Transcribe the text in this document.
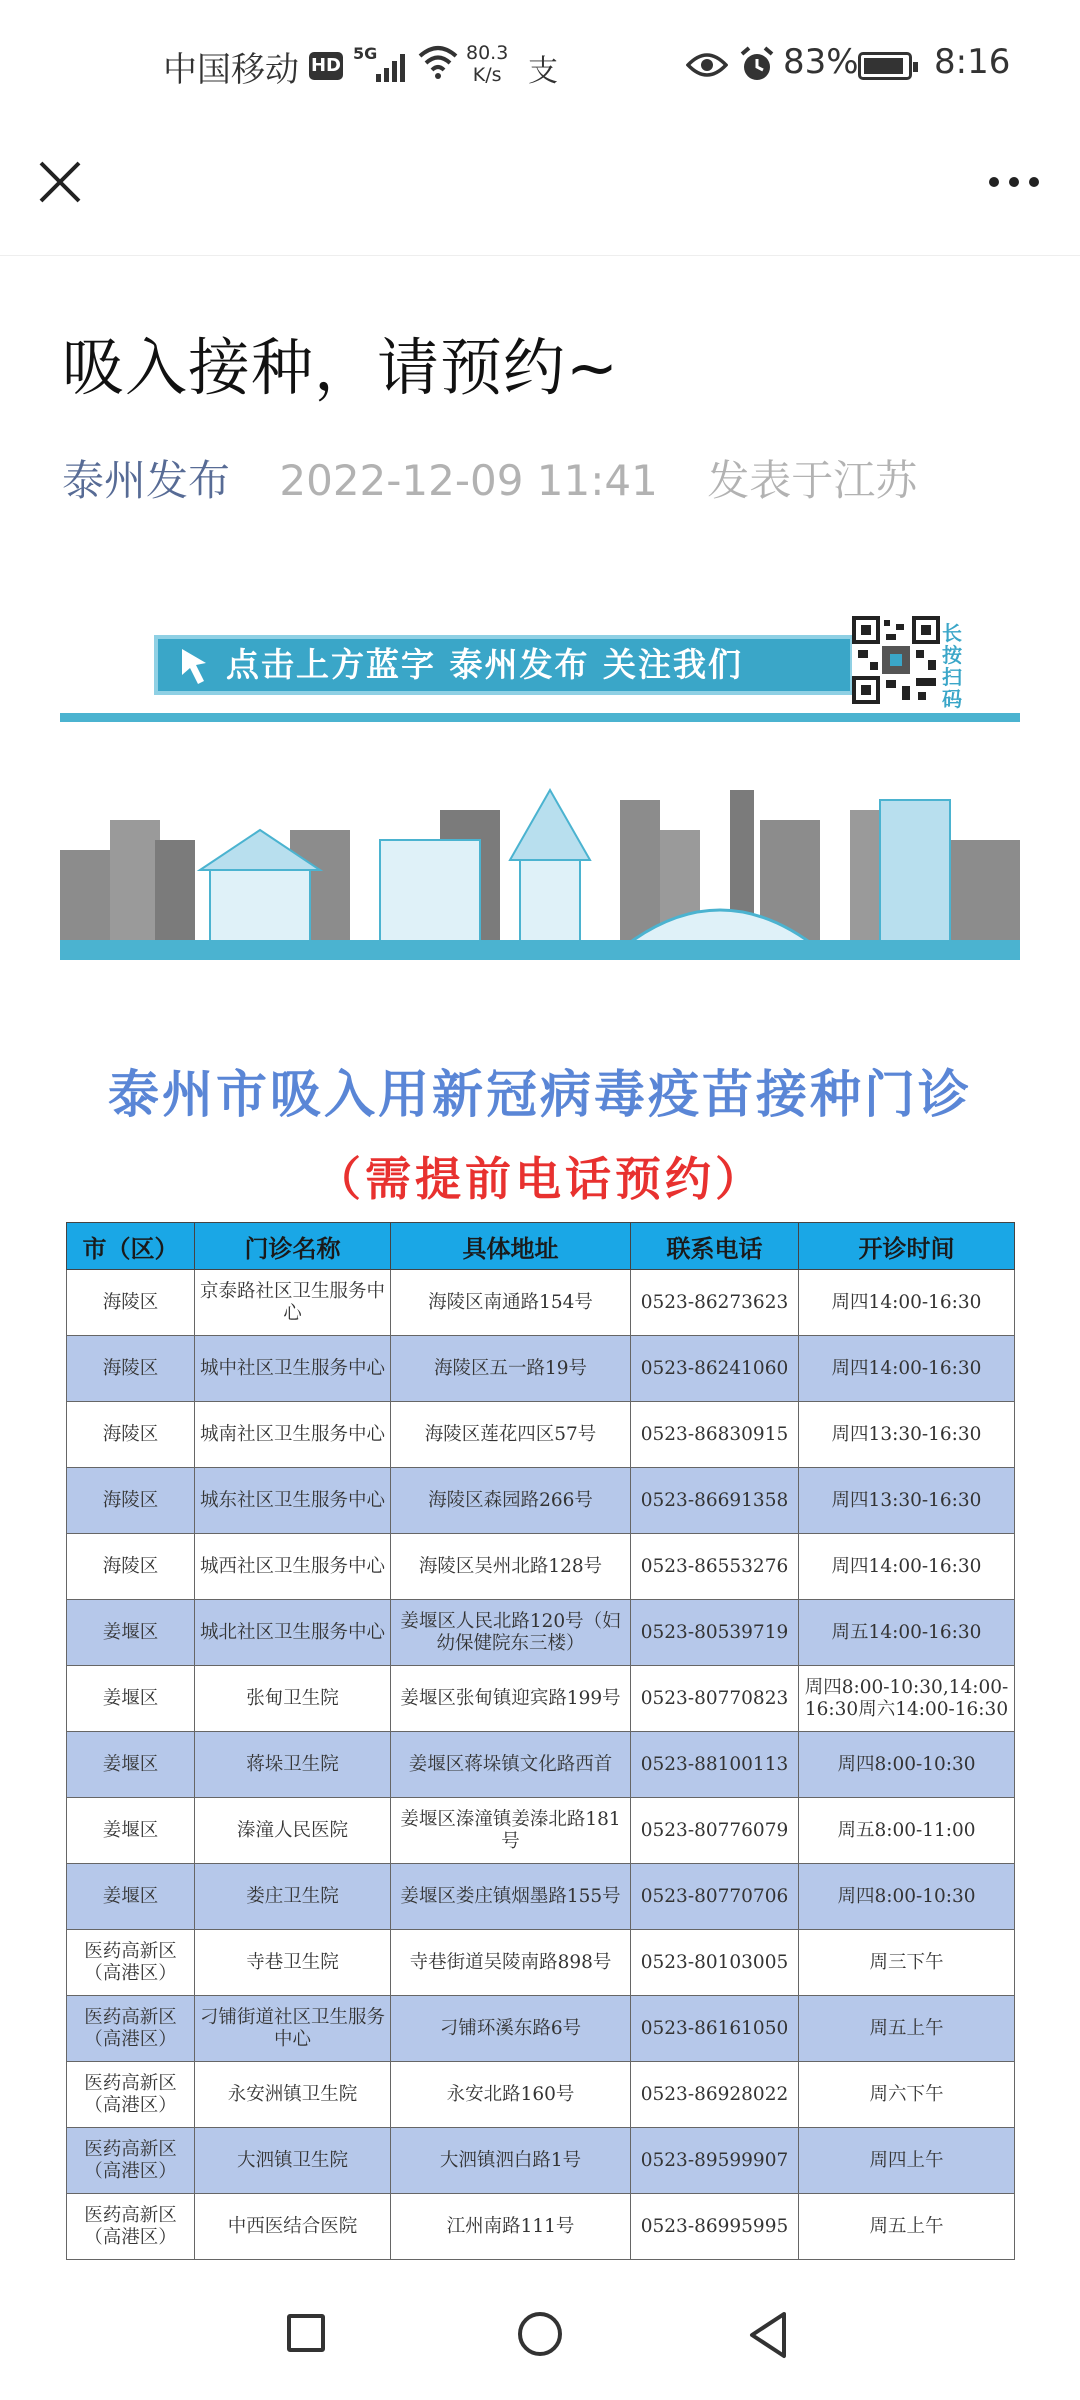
中国移动 HD
5G	80.3
K/s 支	83% 8:16
吸入接种，请预约~
泰州发布 2022-12-09 11:41 发表于江苏
点击上方蓝字 泰州发布 关注我们
长按扫码
泰州市吸入用新冠病毒疫苗接种门诊
（需提前电话预约）
市（区）	门诊名称	具体地址	联系电话	开诊时间
海陵区	京泰路社区卫生服务中心	海陵区南通路154号	0523-86273623	周四14:00-16:30
海陵区	城中社区卫生服务中心	海陵区五一路19号	0523-86241060	周四14:00-16:30
海陵区	城南社区卫生服务中心	海陵区莲花四区57号	0523-86830915	周四13:30-16:30
海陵区	城东社区卫生服务中心	海陵区森园路266号	0523-86691358	周四13:30-16:30
海陵区	城西社区卫生服务中心	海陵区吴州北路128号	0523-86553276	周四14:00-16:30
姜堰区	城北社区卫生服务中心	姜堰区人民北路120号（妇幼保健院东三楼）	0523-80539719	周五14:00-16:30
姜堰区	张甸卫生院	姜堰区张甸镇迎宾路199号	0523-80770823	周四8:00-10:30,14:00-16:30周六14:00-16:30
姜堰区	蒋垛卫生院	姜堰区蒋垛镇文化路西首	0523-88100113	周四8:00-10:30
姜堰区	溱潼人民医院	姜堰区溱潼镇姜溱北路181号	0523-80776079	周五8:00-11:00
姜堰区	娄庄卫生院	姜堰区娄庄镇烟墨路155号	0523-80770706	周四8:00-10:30
医药高新区（高港区）	寺巷卫生院	寺巷街道吴陵南路898号	0523-80103005	周三下午
医药高新区（高港区）	刁铺街道社区卫生服务中心	刁铺环溪东路6号	0523-86161050	周五上午
医药高新区（高港区）	永安洲镇卫生院	永安北路160号	0523-86928022	周六下午
医药高新区（高港区）	大泗镇卫生院	大泗镇泗白路1号	0523-89599907	周四上午
医药高新区（高港区）	中西医结合医院	江州南路111号	0523-86995995	周五上午
